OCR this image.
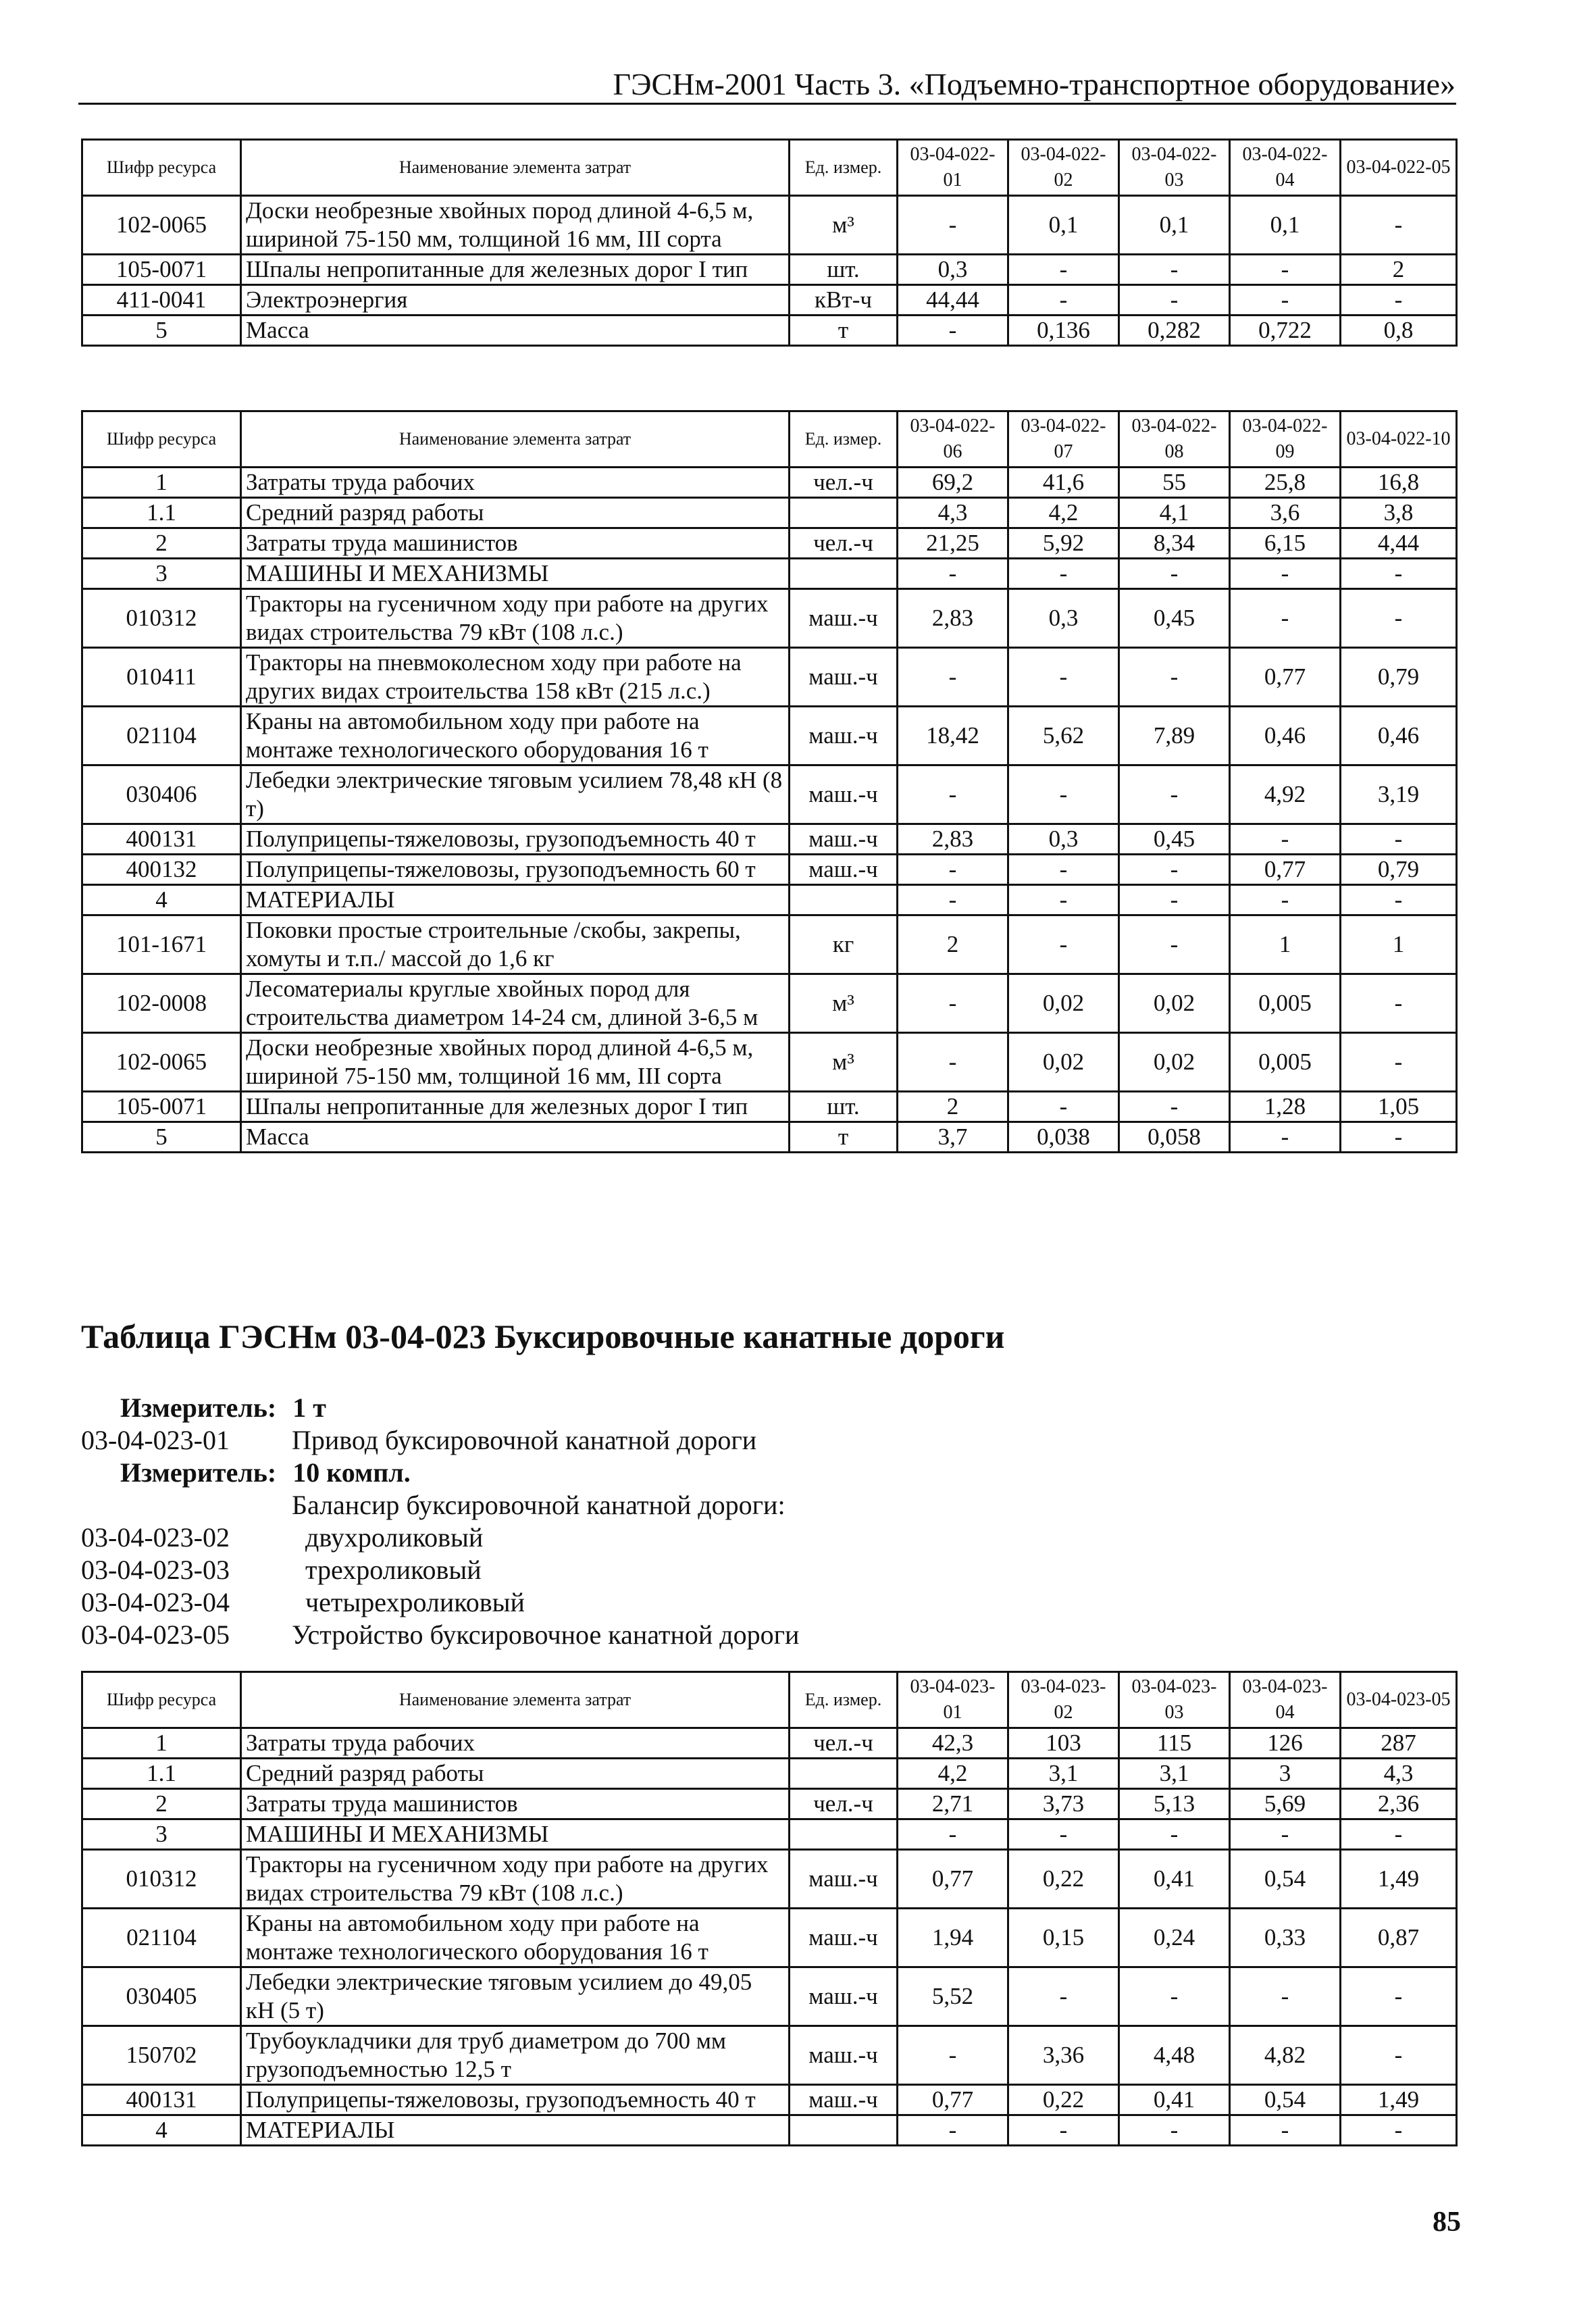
ГЭСНм-2001 Часть 3. «Подъемно-транспортное оборудование»
Шифр ресурса	Наименование элемента затрат	Ед. измер.	03-04-022-01	03-04-022-02	03-04-022-03	03-04-022-04	03-04-022-05
102-0065	Доски необрезные хвойных пород длиной 4-6,5 м, шириной 75-150 мм, толщиной 16 мм, III сорта	м³	-	0,1	0,1	0,1	-
105-0071	Шпалы непропитанные для железных дорог I тип	шт.	0,3	-	-	-	2
411-0041	Электроэнергия	кВт-ч	44,44	-	-	-	-
5	Масса	т	-	0,136	0,282	0,722	0,8
Шифр ресурса	Наименование элемента затрат	Ед. измер.	03-04-022-06	03-04-022-07	03-04-022-08	03-04-022-09	03-04-022-10
1	Затраты труда рабочих	чел.-ч	69,2	41,6	55	25,8	16,8
1.1	Средний разряд работы		4,3	4,2	4,1	3,6	3,8
2	Затраты труда машинистов	чел.-ч	21,25	5,92	8,34	6,15	4,44
3	МАШИНЫ И МЕХАНИЗМЫ		-	-	-	-	-
010312	Тракторы на гусеничном ходу при работе на других видах строительства 79 кВт (108 л.с.)	маш.-ч	2,83	0,3	0,45	-	-
010411	Тракторы на пневмоколесном ходу при работе на других видах строительства 158 кВт (215 л.с.)	маш.-ч	-	-	-	0,77	0,79
021104	Краны на автомобильном ходу при работе на монтаже технологического оборудования 16 т	маш.-ч	18,42	5,62	7,89	0,46	0,46
030406	Лебедки электрические тяговым усилием 78,48 кН (8 т)	маш.-ч	-	-	-	4,92	3,19
400131	Полуприцепы-тяжеловозы, грузоподъемность 40 т	маш.-ч	2,83	0,3	0,45	-	-
400132	Полуприцепы-тяжеловозы, грузоподъемность 60 т	маш.-ч	-	-	-	0,77	0,79
4	МАТЕРИАЛЫ		-	-	-	-	-
101-1671	Поковки простые строительные /скобы, закрепы, хомуты и т.п./ массой до 1,6 кг	кг	2	-	-	1	1
102-0008	Лесоматериалы круглые хвойных пород для строительства диаметром 14-24 см, длиной 3-6,5 м	м³	-	0,02	0,02	0,005	-
102-0065	Доски необрезные хвойных пород длиной 4-6,5 м, шириной 75-150 мм, толщиной 16 мм, III сорта	м³	-	0,02	0,02	0,005	-
105-0071	Шпалы непропитанные для железных дорог I тип	шт.	2	-	-	1,28	1,05
5	Масса	т	3,7	0,038	0,058	-	-
Таблица ГЭСНм 03-04-023 Буксировочные канатные дороги
Измеритель: 1 т
03-04-023-01 Привод буксировочной канатной дороги
Измеритель: 10 компл.
Балансир буксировочной канатной дороги:
03-04-023-02	двухроликовый
03-04-023-03	трехроликовый
03-04-023-04	четырехроликовый
03-04-023-05 Устройство буксировочное канатной дороги
Шифр ресурса	Наименование элемента затрат	Ед. измер.	03-04-023-01	03-04-023-02	03-04-023-03	03-04-023-04	03-04-023-05
1	Затраты труда рабочих	чел.-ч	42,3	103	115	126	287
1.1	Средний разряд работы		4,2	3,1	3,1	3	4,3
2	Затраты труда машинистов	чел.-ч	2,71	3,73	5,13	5,69	2,36
3	МАШИНЫ И МЕХАНИЗМЫ		-	-	-	-	-
010312	Тракторы на гусеничном ходу при работе на других видах строительства 79 кВт (108 л.с.)	маш.-ч	0,77	0,22	0,41	0,54	1,49
021104	Краны на автомобильном ходу при работе на монтаже технологического оборудования 16 т	маш.-ч	1,94	0,15	0,24	0,33	0,87
030405	Лебедки электрические тяговым усилием до 49,05 кН (5 т)	маш.-ч	5,52	-	-	-	-
150702	Трубоукладчики для труб диаметром до 700 мм грузоподъемностью 12,5 т	маш.-ч	-	3,36	4,48	4,82	-
400131	Полуприцепы-тяжеловозы, грузоподъемность 40 т	маш.-ч	0,77	0,22	0,41	0,54	1,49
4	МАТЕРИАЛЫ		-	-	-	-	-
85
